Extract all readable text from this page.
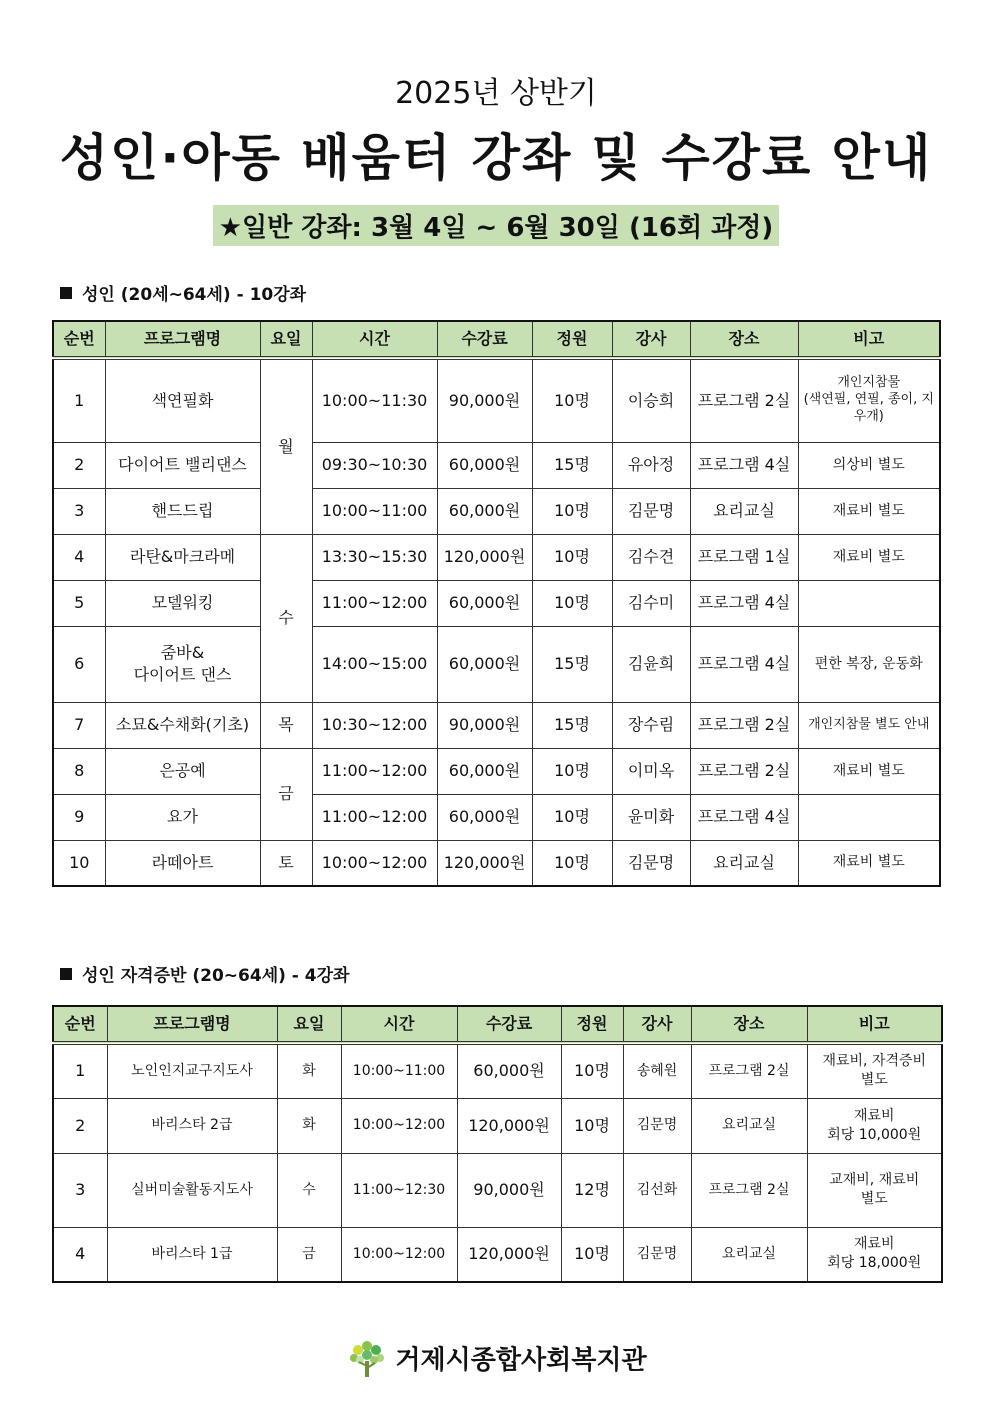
2025년 상반기
성인·아동 배움터 강좌 및 수강료 안내
★일반 강좌: 3월 4일 ~ 6월 30일 (16회 과정)
성인 (20세~64세) - 10강좌
순번	프로그램명	요일	시간	수강료	정원	강사	장소	비고
1	색연필화	월	10:00~11:30	90,000원	10명	이승희	프로그램 2실	개인지참물
(색연필, 연필, 종이, 지우개)
2	다이어트 밸리댄스		09:30~10:30	60,000원	15명	유아정	프로그램 4실	의상비 별도
3	핸드드립		10:00~11:00	60,000원	10명	김문명	요리교실	재료비 별도
4	라탄&마크라메	수	13:30~15:30	120,000원	10명	김수견	프로그램 1실	재료비 별도
5	모델워킹		11:00~12:00	60,000원	10명	김수미	프로그램 4실	
6	줌바&
다이어트 댄스		14:00~15:00	60,000원	15명	김윤희	프로그램 4실	편한 복장, 운동화
7	소묘&수채화(기초)	목	10:30~12:00	90,000원	15명	장수림	프로그램 2실	개인지참물 별도 안내
8	은공예	금	11:00~12:00	60,000원	10명	이미옥	프로그램 2실	재료비 별도
9	요가		11:00~12:00	60,000원	10명	윤미화	프로그램 4실	
10	라떼아트	토	10:00~12:00	120,000원	10명	김문명	요리교실	재료비 별도
성인 자격증반 (20~64세) - 4강좌
순번	프로그램명	요일	시간	수강료	정원	강사	장소	비고
1	노인인지교구지도사	화	10:00~11:00	60,000원	10명	송혜원	프로그램 2실	재료비, 자격증비
별도
2	바리스타 2급	화	10:00~12:00	120,000원	10명	김문명	요리교실	재료비
회당 10,000원
3	실버미술활동지도사	수	11:00~12:30	90,000원	12명	김선화	프로그램 2실	교재비, 재료비
별도
4	바리스타 1급	금	10:00~12:00	120,000원	10명	김문명	요리교실	재료비
회당 18,000원
거제시종합사회복지관
